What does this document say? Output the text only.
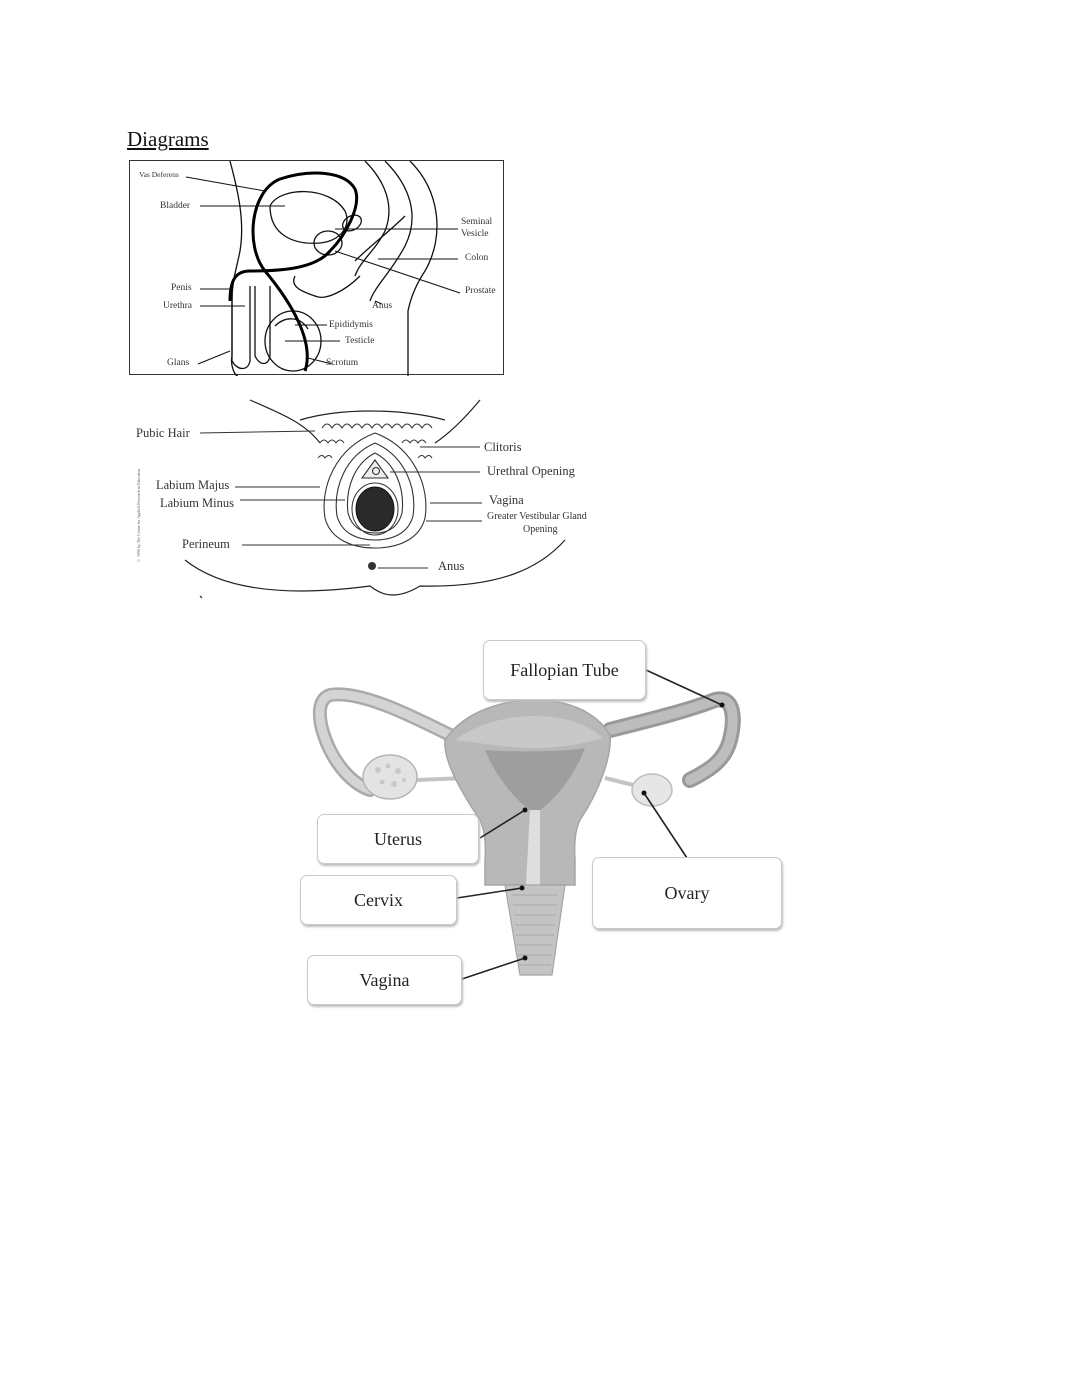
Diagrams
Vas Deferens
Bladder
Seminal
Vesicle
Colon
Prostate
Penis
Urethra	Anus
Epididymis
Testicle
Glans	Scrotum
© 1990 by The Center for Applied Research in Education
Pubic Hair
Clitoris
Urethral Opening
Labium Majus
Labium Minus	Vagina
Greater Vestibular Gland
Opening
Perineum
Anus
Fallopian Tube
Uterus
Cervix	Ovary
Vagina
